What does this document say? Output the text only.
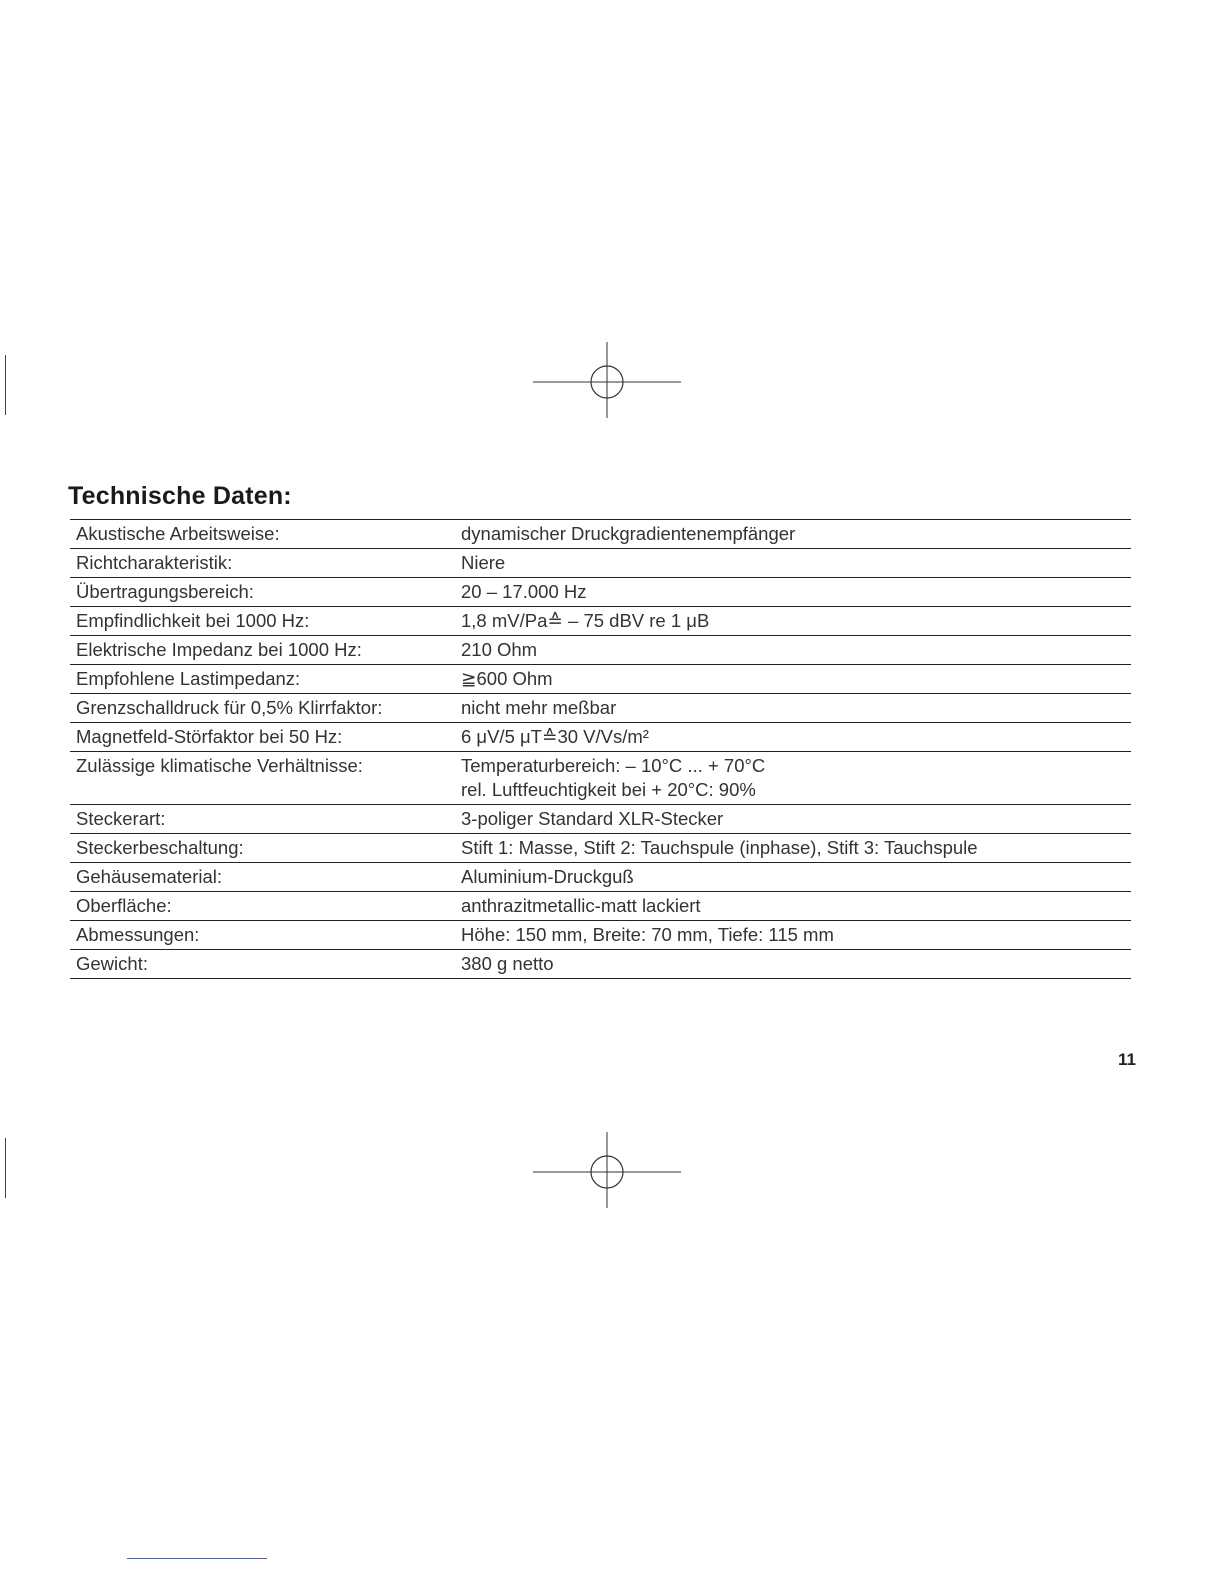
Technische Daten:
Akustische Arbeitsweise:	dynamischer Druckgradientenempfänger

Richtcharakteristik:	Niere

Übertragungsbereich:	20 – 17.000 Hz

Empfindlichkeit bei 1000 Hz:	1,8 mV/Pa≙ – 75 dBV re 1 μB

Elektrische Impedanz bei 1000 Hz:	210 Ohm

Empfohlene Lastimpedanz:	≧600 Ohm

Grenzschalldruck für 0,5% Klirrfaktor:	nicht mehr meßbar

Magnetfeld-Störfaktor bei 50 Hz:	6 μV/5 μT≙30 V/Vs/m²

Zulässige klimatische Verhältnisse:	Temperaturbereich: – 10°C ... + 70°C
rel. Luftfeuchtigkeit bei + 20°C: 90%

Steckerart:	3-poliger Standard XLR-Stecker

Steckerbeschaltung:	Stift 1: Masse, Stift 2: Tauchspule (inphase), Stift 3: Tauchspule

Gehäusematerial:	Aluminium-Druckguß

Oberfläche:	anthrazitmetallic-matt lackiert

Abmessungen:	Höhe: 150 mm, Breite: 70 mm, Tiefe: 115 mm

Gewicht:	380 g netto
11
